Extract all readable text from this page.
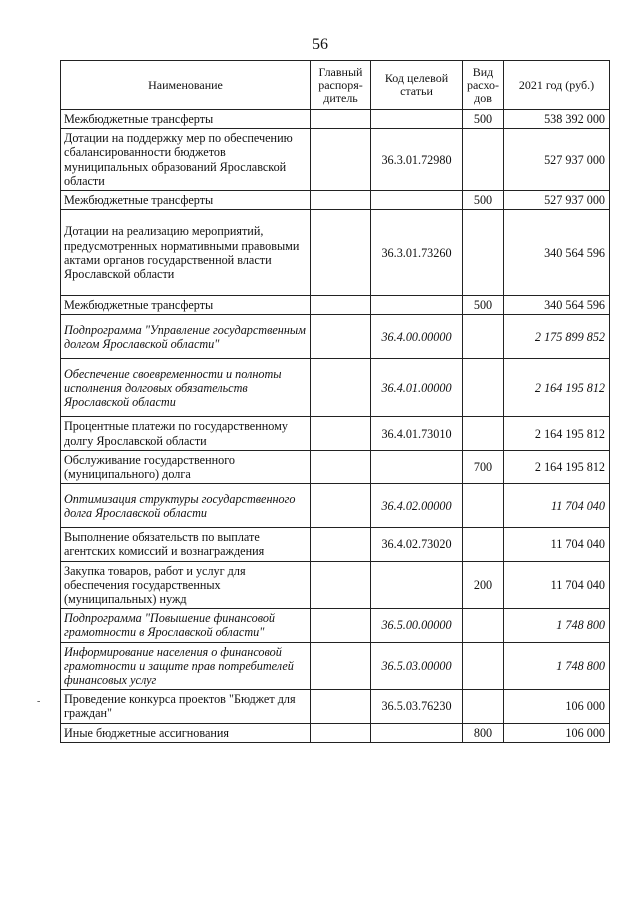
56
Наименование	Главный распоря- дитель	Код целевой статьи	Вид расхо- дов	2021 год (руб.)
Межбюджетные трансферты			500	538 392 000
Дотации на поддержку мер по обеспечению сбалансированности бюджетов муниципальных образований Ярославской области		36.3.01.72980		527 937 000
Межбюджетные трансферты			500	527 937 000
Дотации на реализацию мероприятий, предусмотренных нормативными правовыми актами органов государственной власти Ярославской области		36.3.01.73260		340 564 596
Межбюджетные трансферты			500	340 564 596
Подпрограмма "Управление государственным долгом Ярославской области"		36.4.00.00000		2 175 899 852
Обеспечение своевременности и полноты исполнения долговых обязательств Ярославской области		36.4.01.00000		2 164 195 812
Процентные платежи по государственному долгу Ярославской области		36.4.01.73010		2 164 195 812
Обслуживание государственного (муниципального) долга			700	2 164 195 812
Оптимизация структуры государственного долга Ярославской области		36.4.02.00000		11 704 040
Выполнение обязательств по выплате агентских комиссий и вознаграждения		36.4.02.73020		11 704 040
Закупка товаров, работ и услуг для обеспечения государственных (муниципальных) нужд			200	11 704 040
Подпрограмма "Повышение финансовой грамотности в Ярославской области"		36.5.00.00000		1 748 800
Информирование населения о финансовой грамотности и защите прав потребителей финансовых услуг		36.5.03.00000		1 748 800
Проведение конкурса проектов "Бюджет для граждан"		36.5.03.76230		106 000
Иные бюджетные ассигнования			800	106 000
-
